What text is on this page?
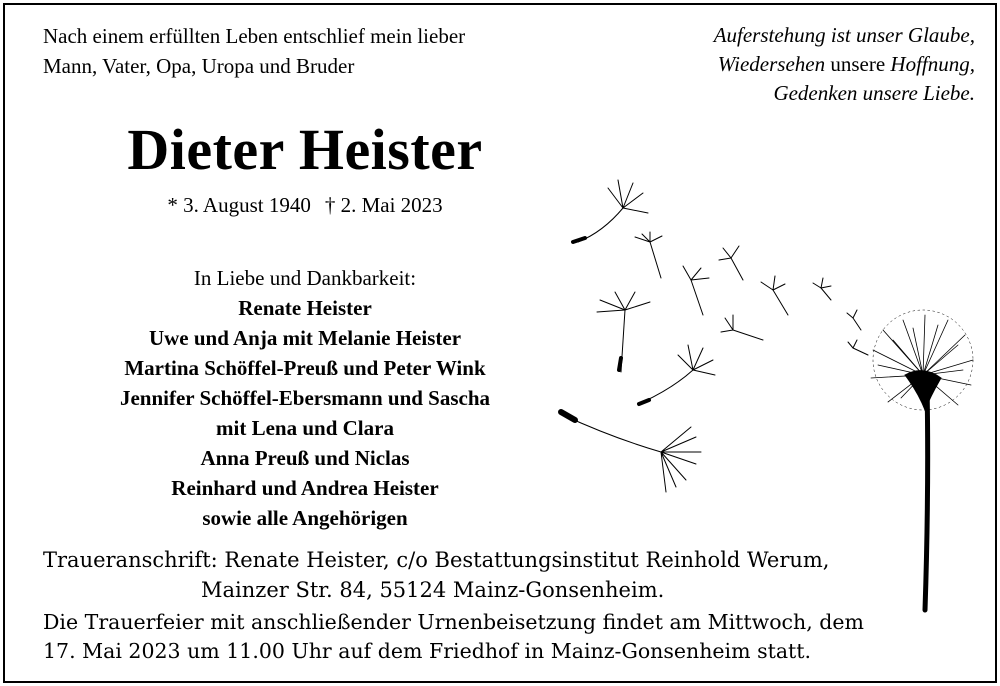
Nach einem erfüllten Leben entschlief mein lieber
Mann, Vater, Opa, Uropa und Bruder
Auferstehung ist unser Glaube,
Wiedersehen unsere Hoffnung,
Gedenken unsere Liebe.
Dieter Heister
* 3. August 1940 † 2. Mai 2023
In Liebe und Dankbarkeit:
Renate Heister
Uwe und Anja mit Melanie Heister
Martina Schöffel-Preuß und Peter Wink
Jennifer Schöffel-Ebersmann und Sascha
mit Lena und Clara
Anna Preuß und Niclas
Reinhard und Andrea Heister
sowie alle Angehörigen
Traueranschrift: Renate Heister, c/o Bestattungsinstitut Reinhold Werum,
Mainzer Str. 84, 55124 Mainz-Gonsenheim.
Die Trauerfeier mit anschließender Urnenbeisetzung findet am Mittwoch, dem
17. Mai 2023 um 11.00 Uhr auf dem Friedhof in Mainz-Gonsenheim statt.
